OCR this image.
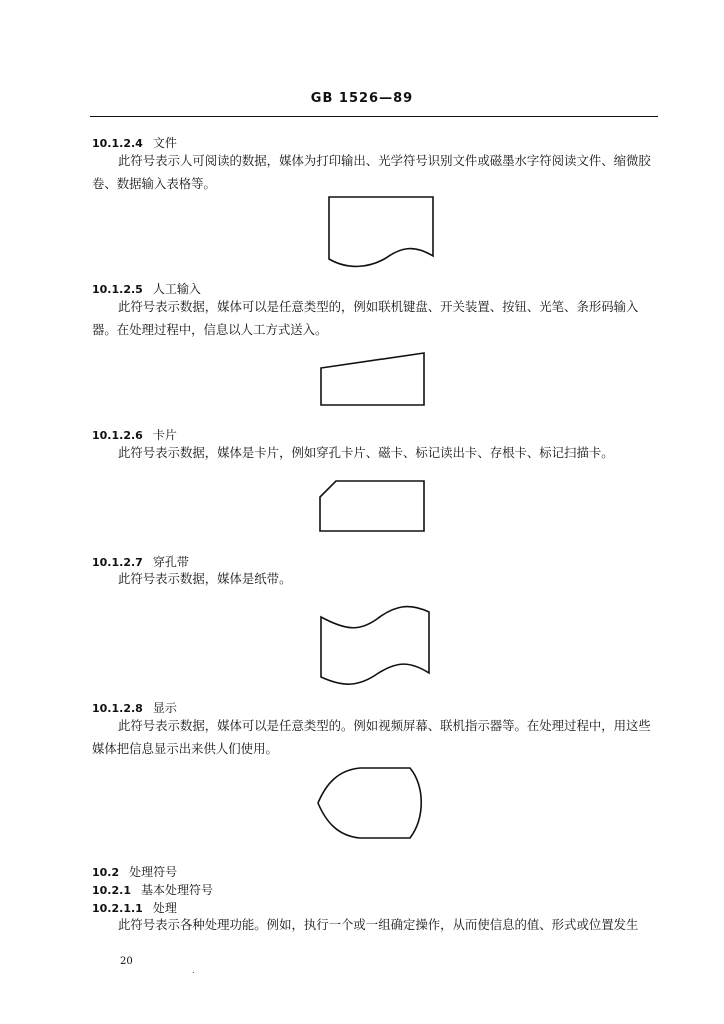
GB 1526—89
10.1.2.4 文件
此符号表示人可阅读的数据，媒体为打印输出、光学符号识别文件或磁墨水字符阅读文件、缩微胶卷、数据输入表格等。
10.1.2.5 人工输入
此符号表示数据，媒体可以是任意类型的，例如联机键盘、开关装置、按钮、光笔、条形码输入器。在处理过程中，信息以人工方式送入。
10.1.2.6 卡片
此符号表示数据，媒体是卡片，例如穿孔卡片、磁卡、标记读出卡、存根卡、标记扫描卡。
10.1.2.7 穿孔带
此符号表示数据，媒体是纸带。
10.1.2.8 显示
此符号表示数据，媒体可以是任意类型的。例如视频屏幕、联机指示器等。在处理过程中，用这些媒体把信息显示出来供人们使用。
10.2 处理符号
10.2.1 基本处理符号
10.2.1.1 处理
此符号表示各种处理功能。例如，执行一个或一组确定操作，从而使信息的值、形式或位置发生
20
.
